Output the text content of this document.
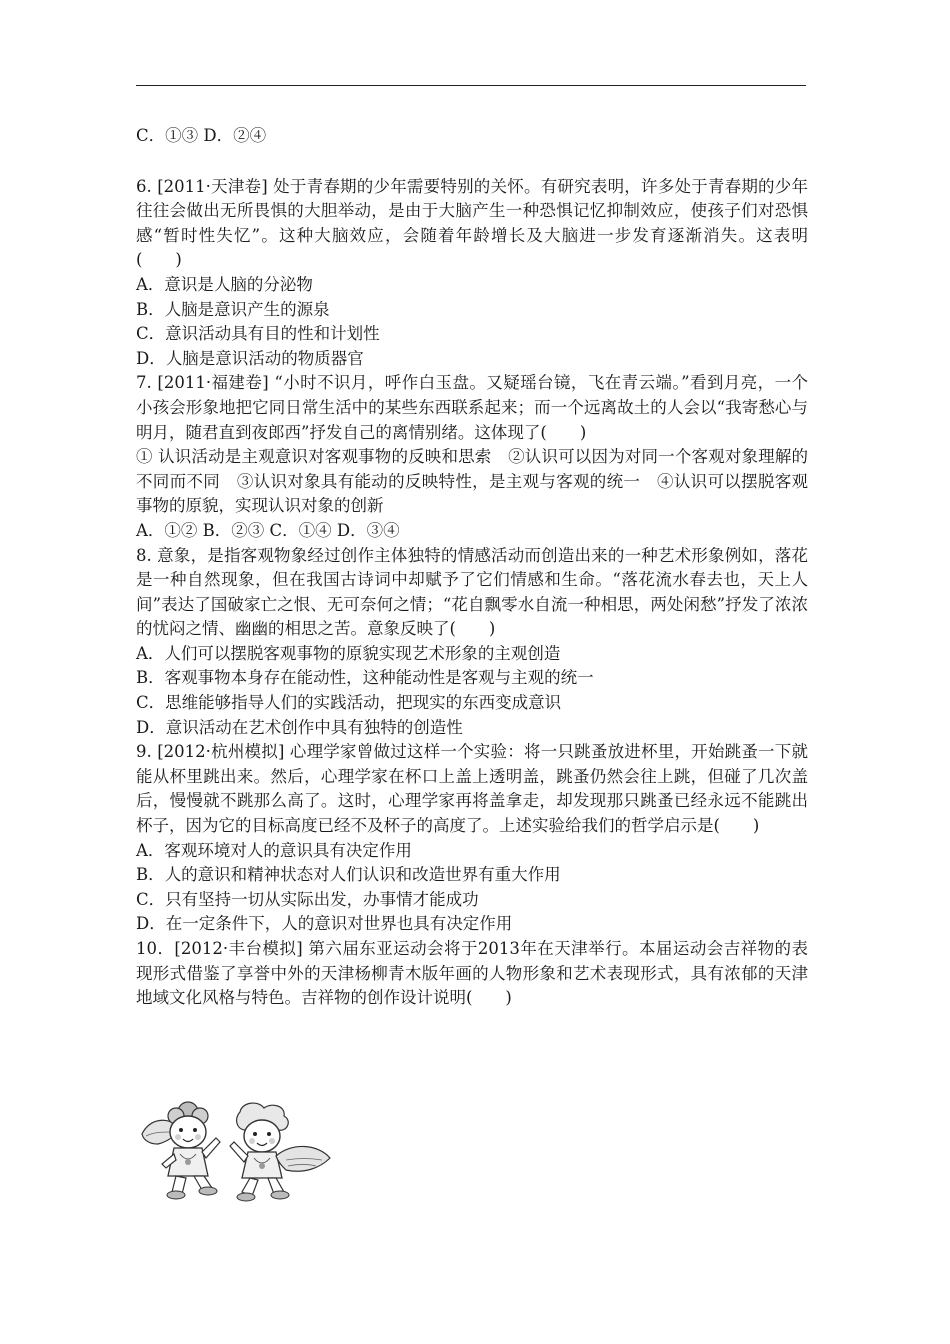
C．①③ D．②④

6. [2011·天津卷] 处于青春期的少年需要特别的关怀。有研究表明，许多处于青春期的少年往往会做出无所畏惧的大胆举动，是由于大脑产生一种恐惧记忆抑制效应，使孩子们对恐惧感“暂时性失忆”。这种大脑效应，会随着年龄增长及大脑进一步发育逐渐消失。这表明(　　)

A．意识是人脑的分泌物

B．人脑是意识产生的源泉

C．意识活动具有目的性和计划性

D．人脑是意识活动的物质器官

7. [2011·福建卷] “小时不识月，呼作白玉盘。又疑瑶台镜，飞在青云端。”看到月亮，一个小孩会形象地把它同日常生活中的某些东西联系起来；而一个远离故土的人会以“我寄愁心与明月，随君直到夜郎西”抒发自己的离情别绪。这体现了(　　)

① 认识活动是主观意识对客观事物的反映和思索　②认识可以因为对同一个客观对象理解的不同而不同　③认识对象具有能动的反映特性，是主观与客观的统一　④认识可以摆脱客观事物的原貌，实现认识对象的创新

A．①② B．②③ C．①④ D．③④

8. 意象，是指客观物象经过创作主体独特的情感活动而创造出来的一种艺术形象例如，落花是一种自然现象，但在我国古诗词中却赋予了它们情感和生命。“落花流水春去也，天上人间”表达了国破家亡之恨、无可奈何之情；“花自飘零水自流一种相思，两处闲愁”抒发了浓浓的忧闷之情、幽幽的相思之苦。意象反映了(　　)

A．人们可以摆脱客观事物的原貌实现艺术形象的主观创造

B．客观事物本身存在能动性，这种能动性是客观与主观的统一

C．思维能够指导人们的实践活动，把现实的东西变成意识

D．意识活动在艺术创作中具有独特的创造性

9. [2012·杭州模拟] 心理学家曾做过这样一个实验：将一只跳蚤放进杯里，开始跳蚤一下就能从杯里跳出来。然后，心理学家在杯口上盖上透明盖，跳蚤仍然会往上跳，但碰了几次盖后，慢慢就不跳那么高了。这时，心理学家再将盖拿走，却发现那只跳蚤已经永远不能跳出杯子，因为它的目标高度已经不及杯子的高度了。上述实验给我们的哲学启示是(　　)

A．客观环境对人的意识具有决定作用

B．人的意识和精神状态对人们认识和改造世界有重大作用

C．只有坚持一切从实际出发，办事情才能成功

D．在一定条件下，人的意识对世界也具有决定作用

10．[2012·丰台模拟] 第六届东亚运动会将于2013年在天津举行。本届运动会吉祥物的表现形式借鉴了享誉中外的天津杨柳青木版年画的人物形象和艺术表现形式，具有浓郁的天津地域文化风格与特色。吉祥物的创作设计说明(　　)
